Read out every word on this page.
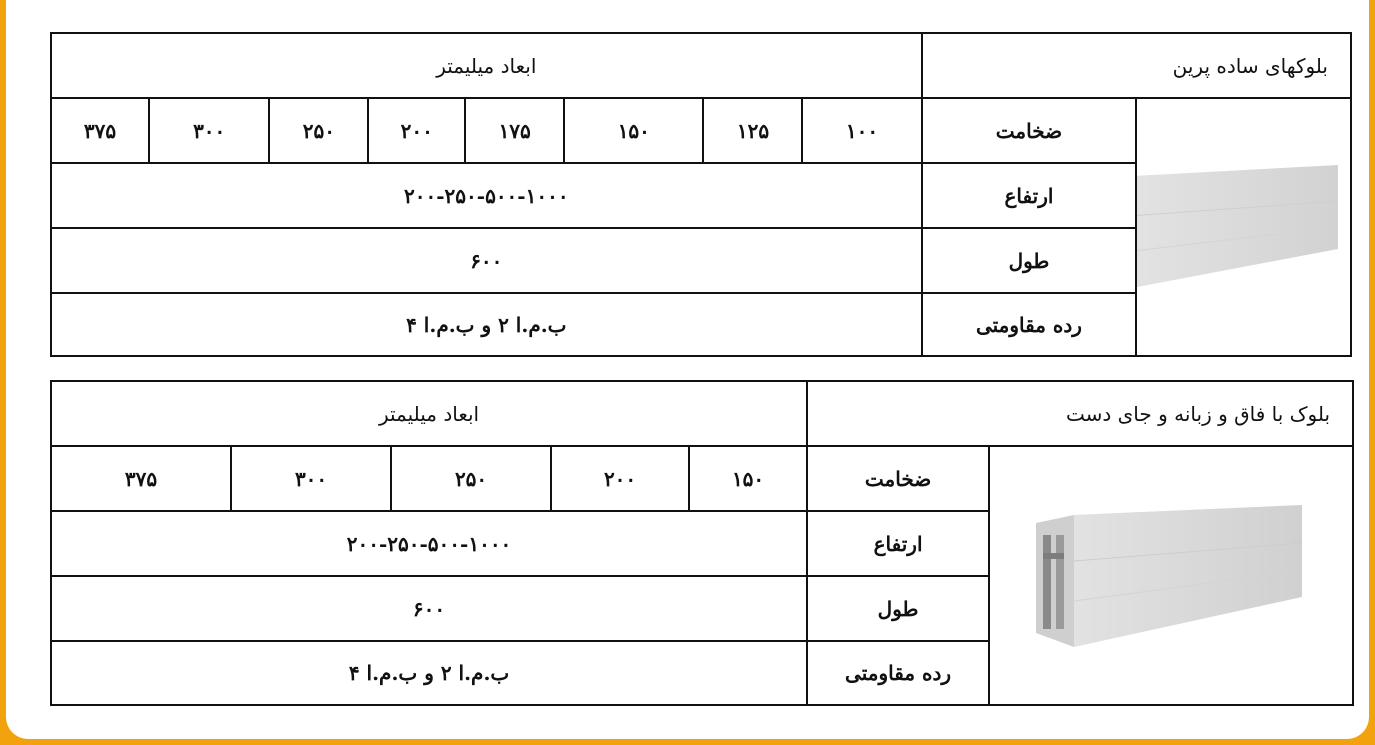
بلوکهای ساده پرین		ابعاد میلیمتر							

	ضخامت	۱۰۰	۱۲۵	۱۵۰	۱۷۵	۲۰۰	۲۵۰	۳۰۰	۳۷۵
	ارتفاع	۲۰۰-۲۵۰-۵۰۰-۱۰۰۰							
	طول	۶۰۰							
	رده مقاومتی	ب.م.ا ۲ و ب.م.ا ۴							
بلوک با فاق و زبانه و جای دست		ابعاد میلیمتر				

	ضخامت	۱۵۰	۲۰۰	۲۵۰	۳۰۰	۳۷۵
	ارتفاع	۲۰۰-۲۵۰-۵۰۰-۱۰۰۰				
	طول	۶۰۰				
	رده مقاومتی	ب.م.ا ۲ و ب.م.ا ۴				
